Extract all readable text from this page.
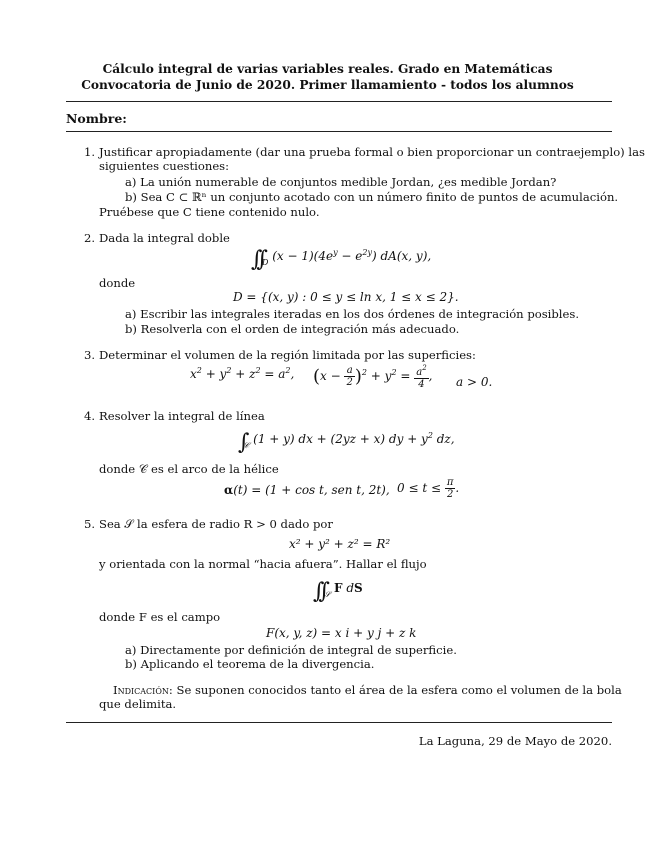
Cálculo integral de varias variables reales. Grado en Matemáticas
Convocatoria de Junio de 2020. Primer llamamiento - todos los alumnos
Nombre:
1. Justificar apropiadamente (dar una prueba formal o bien proporcionar un contraejemplo) las
siguientes cuestiones:
a) La unión numerable de conjuntos medible Jordan, ¿es medible Jordan?
b) Sea C ⊂ ℝⁿ un conjunto acotado con un número finito de puntos de acumulación.
Pruébese que C tiene contenido nulo.
2. Dada la integral doble
$\int\int_D$ $(x - 1)(4e^y - e^{2y})$ dA(x, y),
donde
D = {(x, y) : 0 ≤ y ≤ ln x, 1 ≤ x ≤ 2}.
a) Escribir las integrales iteradas en los dos órdenes de integración posibles.
b) Resolverla con el orden de integración más adecuado.
3. Determinar el volumen de la región limitada por las superficies:
$x^2 + y^2 + z^2 = a^2$, $(x - \frac{a}{2} )^2 + y^2 = \frac{a^2}{4}$ , a > 0.
4. Resolver la integral de línea
$\int_𝒞$ (1 + y) dx + (2yz + x) dy + $y^2$ dz,
donde 𝒞 es el arco de la hélice
α(t) = (1 + cos t, sen t, 2t), $0 \le t \le \frac{\pi}{2}$ .
5. Sea 𝒮 la esfera de radio R > 0 dado por
x² + y² + z² = R²
y orientada con la normal “hacia afuera”. Hallar el flujo
$\int\int_𝒮$ F dS
donde F es el campo
F(x, y, z) = x i + y j + z k
a) Directamente por definición de integral de superficie.
b) Aplicando el teorema de la divergencia.
Indicación: Se suponen conocidos tanto el área de la esfera como el volumen de la bola
que delimita.
La Laguna, 29 de Mayo de 2020.
